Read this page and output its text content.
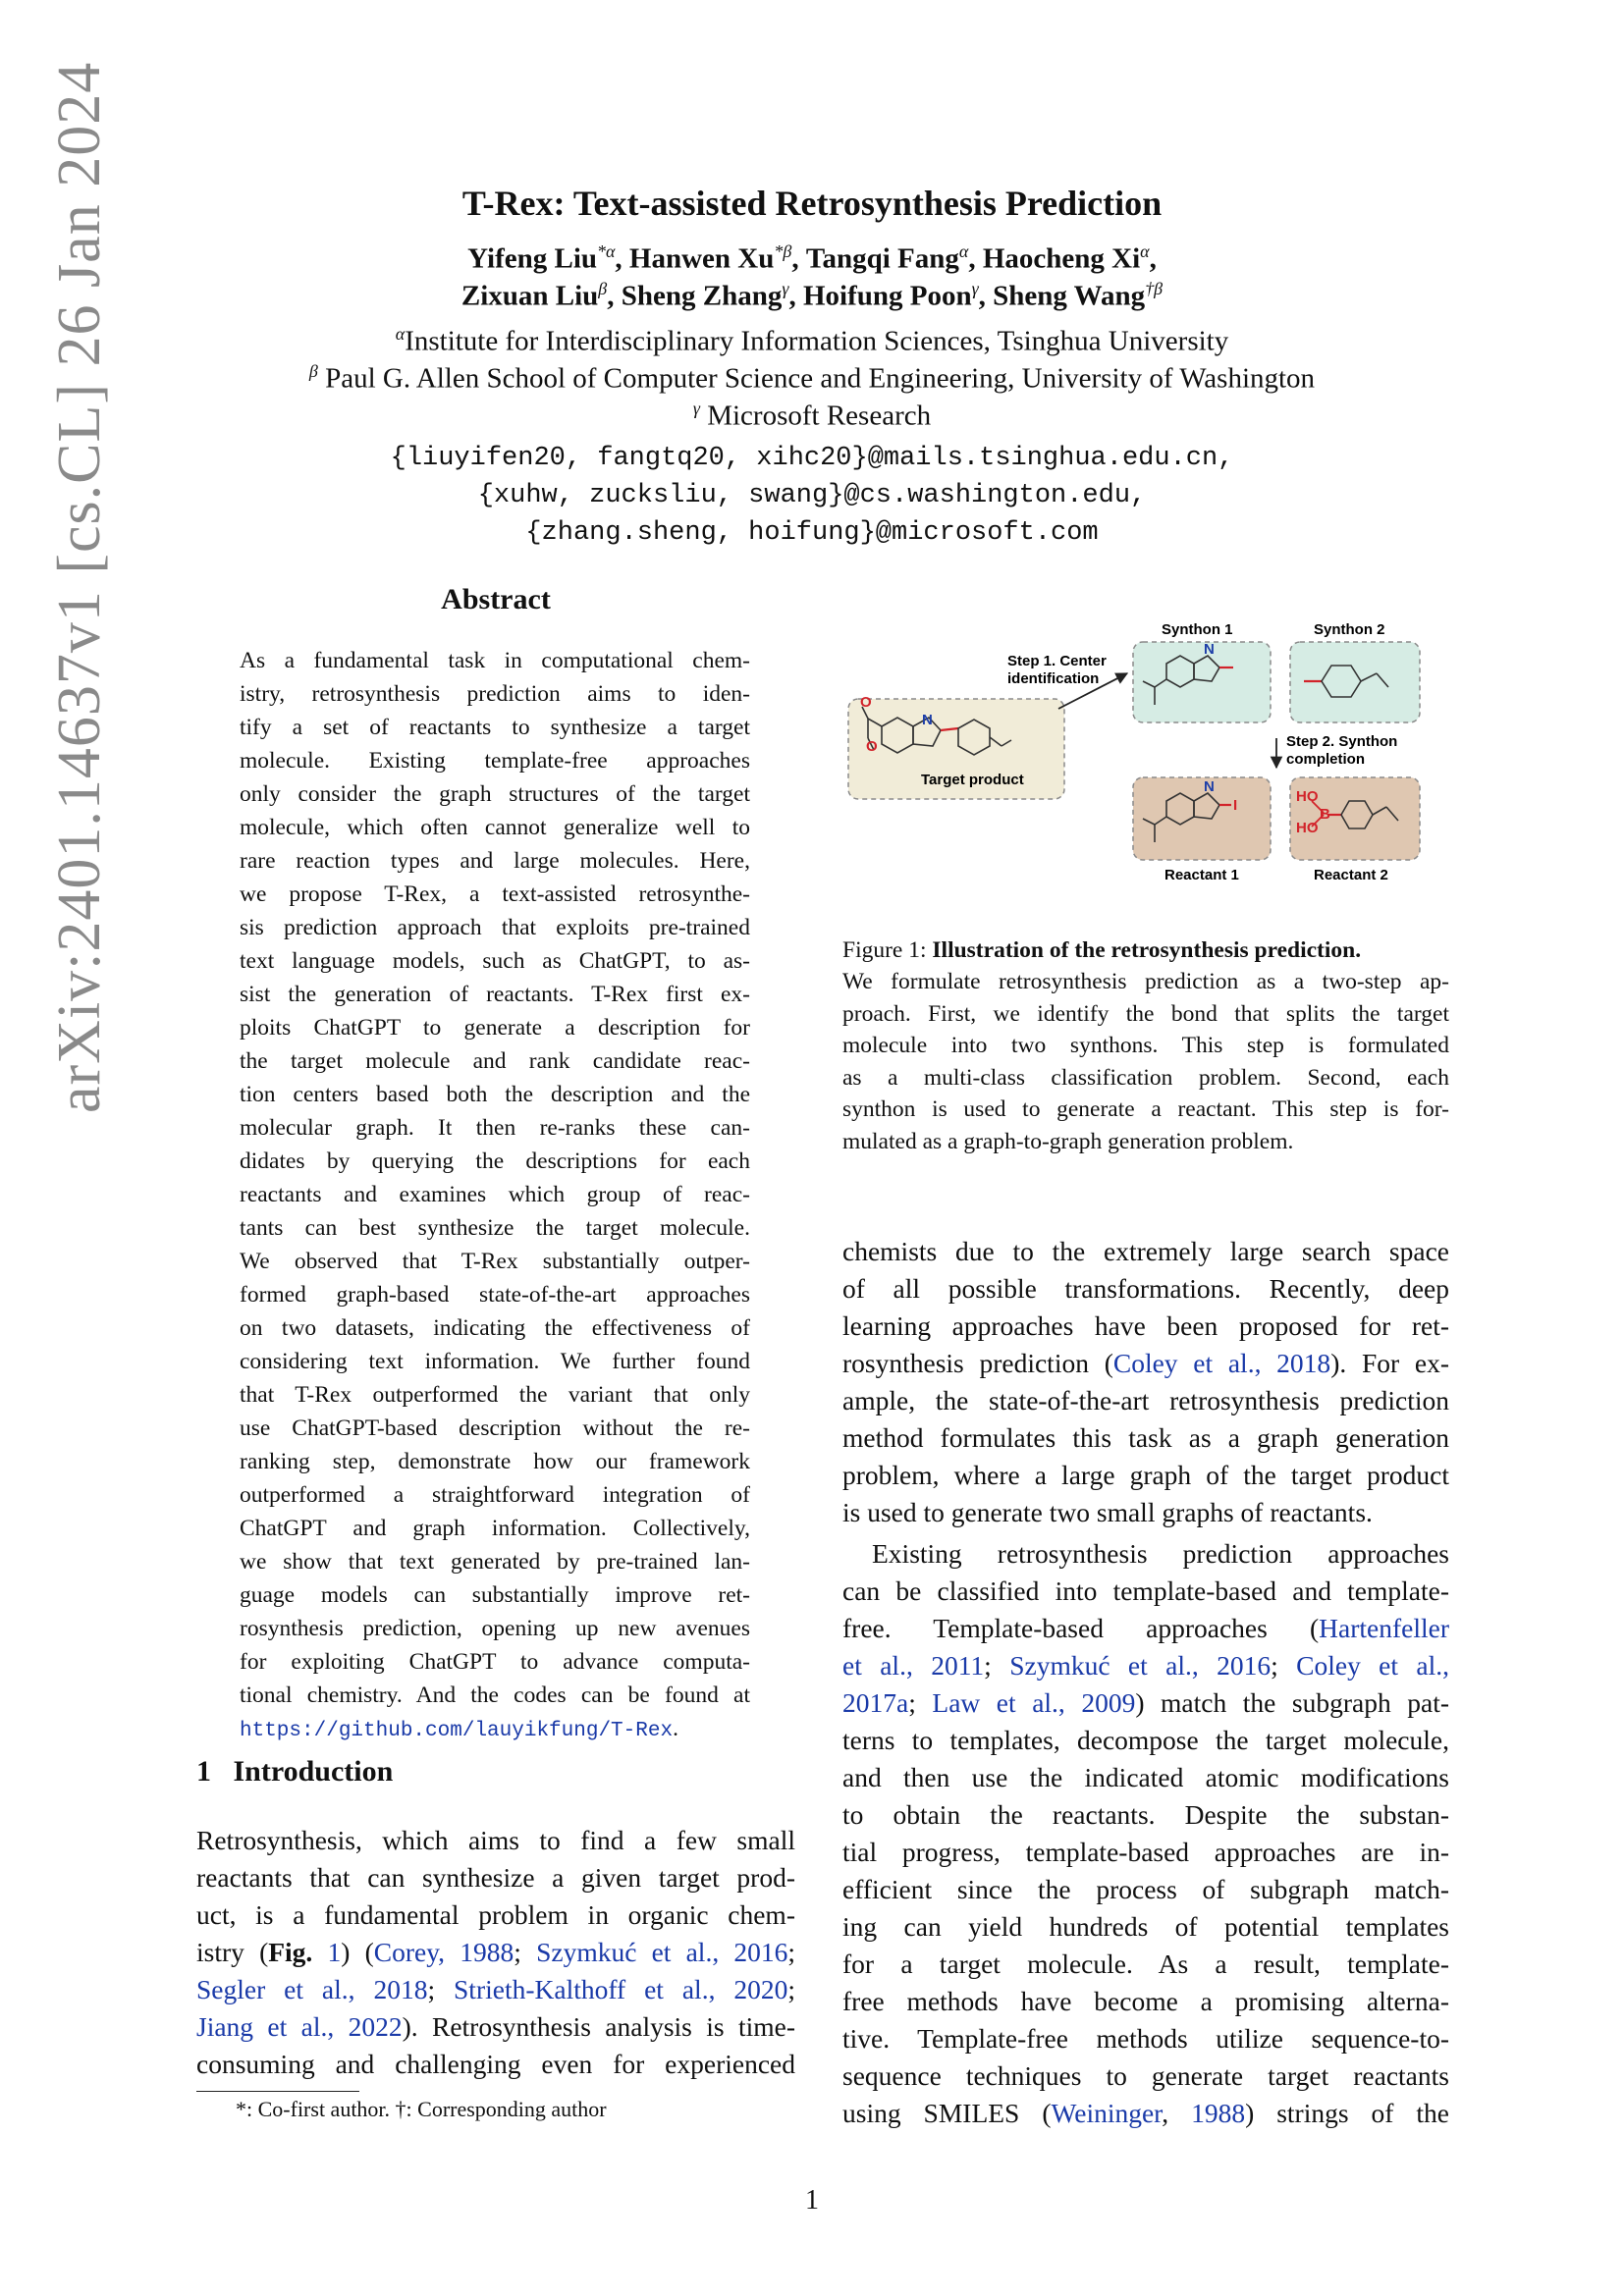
arXiv:2401.14637v1 [cs.CL] 26 Jan 2024	T-Rex: Text-assisted Retrosynthesis Prediction
Yifeng Liu$^{*\alpha}$, Hanwen $Xu^{*\beta}$, Tangqi Fang$^\alpha$, Haocheng $Xi^\alpha$,
Zixuan Liu$^\beta$, Sheng Zhang$^\gamma$, Hoifung Poon$^\gamma$, Sheng Wang$^{\dagger\beta}$
$^\alpha$Institute for Interdisciplinary Information Sciences, Tsinghua University
$^\beta$ Paul G. Allen School of Computer Science and Engineering, University of Washington
$^\gamma$ Microsoft Research
{liuyifen20, fangtq20, xihc20}@mails.tsinghua.edu.cn,
{xuhw, zucksliu, swang}@cs.washington.edu,
{zhang.sheng, hoifung}@microsoft.com
Abstract
As a fundamental task in computational chem-
istry, retrosynthesis prediction aims to iden-
tify a set of reactants to synthesize a target
molecule. Existing template-free approaches
only consider the graph structures of the target
molecule, which often cannot generalize well to
rare reaction types and large molecules. Here,
we propose T-Rex, a text-assisted retrosynthe-
sis prediction approach that exploits pre-trained
text language models, such as ChatGPT, to as-
sist the generation of reactants. T-Rex first ex-
ploits ChatGPT to generate a description for
the target molecule and rank candidate reac-
tion centers based both the description and the
molecular graph. It then re-ranks these can-
didates by querying the descriptions for each
reactants and examines which group of reac-
tants can best synthesize the target molecule.
We observed that T-Rex substantially outper-
formed graph-based state-of-the-art approaches
on two datasets, indicating the effectiveness of
considering text information. We further found
that T-Rex outperformed the variant that only
use ChatGPT-based description without the re-
ranking step, demonstrate how our framework
outperformed a straightforward integration of
ChatGPT and graph information. Collectively,
we show that text generated by pre-trained lan-
guage models can substantially improve ret-
rosynthesis prediction, opening up new avenues
for exploiting ChatGPT to advance computa-
tional chemistry. And the codes can be found at
https://github.com/lauyikfung/T-Rex.
1 Introduction
Retrosynthesis, which aims to find a few small
reactants that can synthesize a given target prod-
uct, is a fundamental problem in organic chem-
istry (Fig. 1) (Corey, 1988; Szymkuć et al., 2016;
Segler et al., 2018; Strieth-Kalthoff et al., 2020;
Jiang et al., 2022). Retrosynthesis analysis is time-
consuming and challenging even for experienced
*: Co-first author. †: Corresponding author
N
O
O
Target product
Step 1. Center
identification
Synthon 1
N
Synthon 2
Step 2. Synthon
completion
N
I
Reactant 1
HO
HO
B
Reactant 2
Figure 1: Illustration of the retrosynthesis prediction.
We formulate retrosynthesis prediction as a two-step ap-
proach. First, we identify the bond that splits the target
molecule into two synthons. This step is formulated
as a multi-class classification problem. Second, each
synthon is used to generate a reactant. This step is for-
mulated as a graph-to-graph generation problem.
chemists due to the extremely large search space
of all possible transformations. Recently, deep
learning approaches have been proposed for ret-
rosynthesis prediction (Coley et al., 2018). For ex-
ample, the state-of-the-art retrosynthesis prediction
method formulates this task as a graph generation
problem, where a large graph of the target product
is used to generate two small graphs of reactants.
Existing retrosynthesis prediction approaches
can be classified into template-based and template-
free. Template-based approaches (Hartenfeller
et al., 2011; Szymkuć et al., 2016; Coley et al.,
2017a; Law et al., 2009) match the subgraph pat-
terns to templates, decompose the target molecule,
and then use the indicated atomic modifications
to obtain the reactants. Despite the substan-
tial progress, template-based approaches are in-
efficient since the process of subgraph match-
ing can yield hundreds of potential templates
for a target molecule. As a result, template-
free methods have become a promising alterna-
tive. Template-free methods utilize sequence-to-
sequence techniques to generate target reactants
using SMILES (Weininger, 1988) strings of the
1
